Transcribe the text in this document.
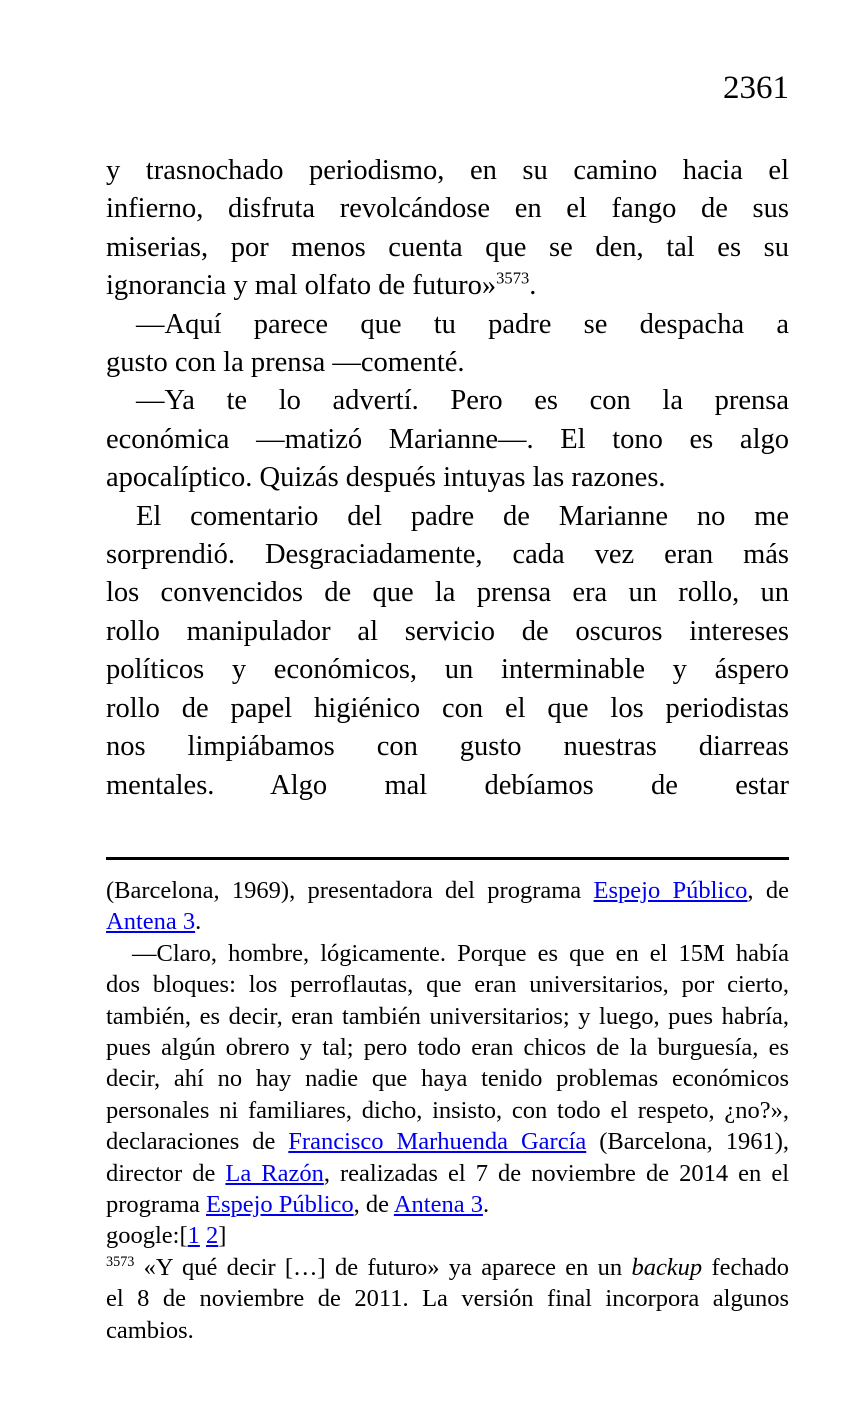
2361
y trasnochado periodismo, en su camino hacia el
infierno, disfruta revolcándose en el fango de sus
miserias, por menos cuenta que se den, tal es su
ignorancia y mal olfato de futuro»$^{3573}$.
—Aquí parece que tu padre se despacha a
gusto con la prensa —comenté.
—Ya te lo advertí. Pero es con la prensa
económica —matizó Marianne—. El tono es algo
apocalíptico. Quizás después intuyas las razones.
El comentario del padre de Marianne no me
sorprendió. Desgraciadamente, cada vez eran más
los convencidos de que la prensa era un rollo, un
rollo manipulador al servicio de oscuros intereses
políticos y económicos, un interminable y áspero
rollo de papel higiénico con el que los periodistas
nos limpiábamos con gusto nuestras diarreas
mentales. Algo mal debíamos de estar
(Barcelona, 1969), presentadora del programa Espejo Público, de
Antena 3.
—Claro, hombre, lógicamente. Porque es que en el 15M había
dos bloques: los perroflautas, que eran universitarios, por cierto,
también, es decir, eran también universitarios; y luego, pues habría,
pues algún obrero y tal; pero todo eran chicos de la burguesía, es
decir, ahí no hay nadie que haya tenido problemas económicos
personales ni familiares, dicho, insisto, con todo el respeto, ¿no?»,
declaraciones de Francisco Marhuenda García (Barcelona, 1961),
director de La Razón, realizadas el 7 de noviembre de 2014 en el
programa Espejo Público, de Antena 3.
google:[1 2]
$^{3573}$ «Y qué decir […] de futuro» ya aparece en un backup fechado
el 8 de noviembre de 2011. La versión final incorpora algunos
cambios.
